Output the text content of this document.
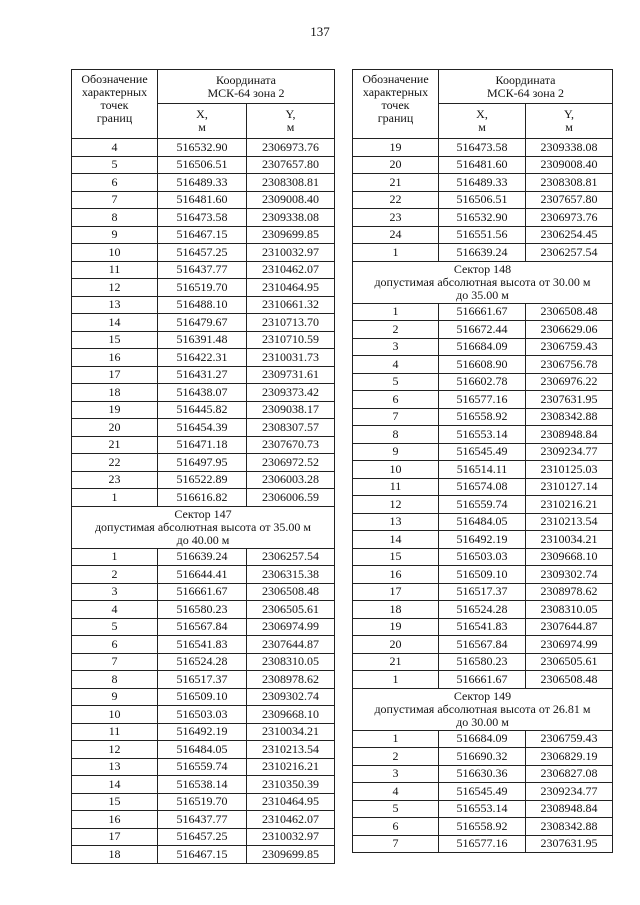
137
Обозначение
характерных
точек
границ	Координата
МСК-64 зона 2	

	X,
м	Y,
м

4	516532.90	2306973.76
5	516506.51	2307657.80
6	516489.33	2308308.81
7	516481.60	2309008.40
8	516473.58	2309338.08
9	516467.15	2309699.85
10	516457.25	2310032.97
11	516437.77	2310462.07
12	516519.70	2310464.95
13	516488.10	2310661.32
14	516479.67	2310713.70
15	516391.48	2310710.59
16	516422.31	2310031.73
17	516431.27	2309731.61
18	516438.07	2309373.42
19	516445.82	2309038.17
20	516454.39	2308307.57
21	516471.18	2307670.73
22	516497.95	2306972.52
23	516522.89	2306003.28
1	516616.82	2306006.59

Сектор 147
допустимая абсолютная высота от 35.00 м
до 40.00 м		

1	516639.24	2306257.54
2	516644.41	2306315.38
3	516661.67	2306508.48
4	516580.23	2306505.61
5	516567.84	2306974.99
6	516541.83	2307644.87
7	516524.28	2308310.05
8	516517.37	2308978.62
9	516509.10	2309302.74
10	516503.03	2309668.10
11	516492.19	2310034.21
12	516484.05	2310213.54
13	516559.74	2310216.21
14	516538.14	2310350.39
15	516519.70	2310464.95
16	516437.77	2310462.07
17	516457.25	2310032.97
18	516467.15	2309699.85
Обозначение
характерных
точек
границ	Координата
МСК-64 зона 2	

	X,
м	Y,
м

19	516473.58	2309338.08
20	516481.60	2309008.40
21	516489.33	2308308.81
22	516506.51	2307657.80
23	516532.90	2306973.76
24	516551.56	2306254.45
1	516639.24	2306257.54

Сектор 148
допустимая абсолютная высота от 30.00 м
до 35.00 м		

1	516661.67	2306508.48
2	516672.44	2306629.06
3	516684.09	2306759.43
4	516608.90	2306756.78
5	516602.78	2306976.22
6	516577.16	2307631.95
7	516558.92	2308342.88
8	516553.14	2308948.84
9	516545.49	2309234.77
10	516514.11	2310125.03
11	516574.08	2310127.14
12	516559.74	2310216.21
13	516484.05	2310213.54
14	516492.19	2310034.21
15	516503.03	2309668.10
16	516509.10	2309302.74
17	516517.37	2308978.62
18	516524.28	2308310.05
19	516541.83	2307644.87
20	516567.84	2306974.99
21	516580.23	2306505.61
1	516661.67	2306508.48

Сектор 149
допустимая абсолютная высота от 26.81 м
до 30.00 м		

1	516684.09	2306759.43
2	516690.32	2306829.19
3	516630.36	2306827.08
4	516545.49	2309234.77
5	516553.14	2308948.84
6	516558.92	2308342.88
7	516577.16	2307631.95
